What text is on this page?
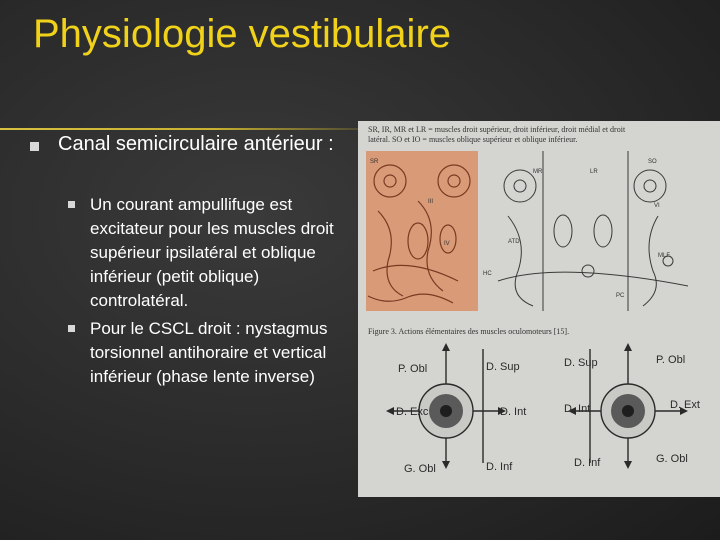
Physiologie vestibulaire
Canal semicirculaire antérieur :
Un courant ampullifuge est excitateur pour les muscles droit supérieur ipsilatéral et oblique inférieur (petit oblique) controlatéral.
Pour le CSCL droit : nystagmus torsionnel antihoraire et vertical inférieur (phase lente inverse)
SR, IR, MR et LR = muscles droit supérieur, droit inférieur, droit médial et droit
latéral. SO et IO = muscles oblique supérieur et oblique inférieur.
Figure 3. Actions élémentaires des muscles oculomoteurs [15].
SR
MR	LR
SO
VI
ATD
HC
MLF
PC
III
IV
P. Obl	D. Sup
D. Exc	D. Int
G. Obl	D. Inf
D. Sup	P. Obl
D. Int	D. Ext
D. Inf	G. Obl
